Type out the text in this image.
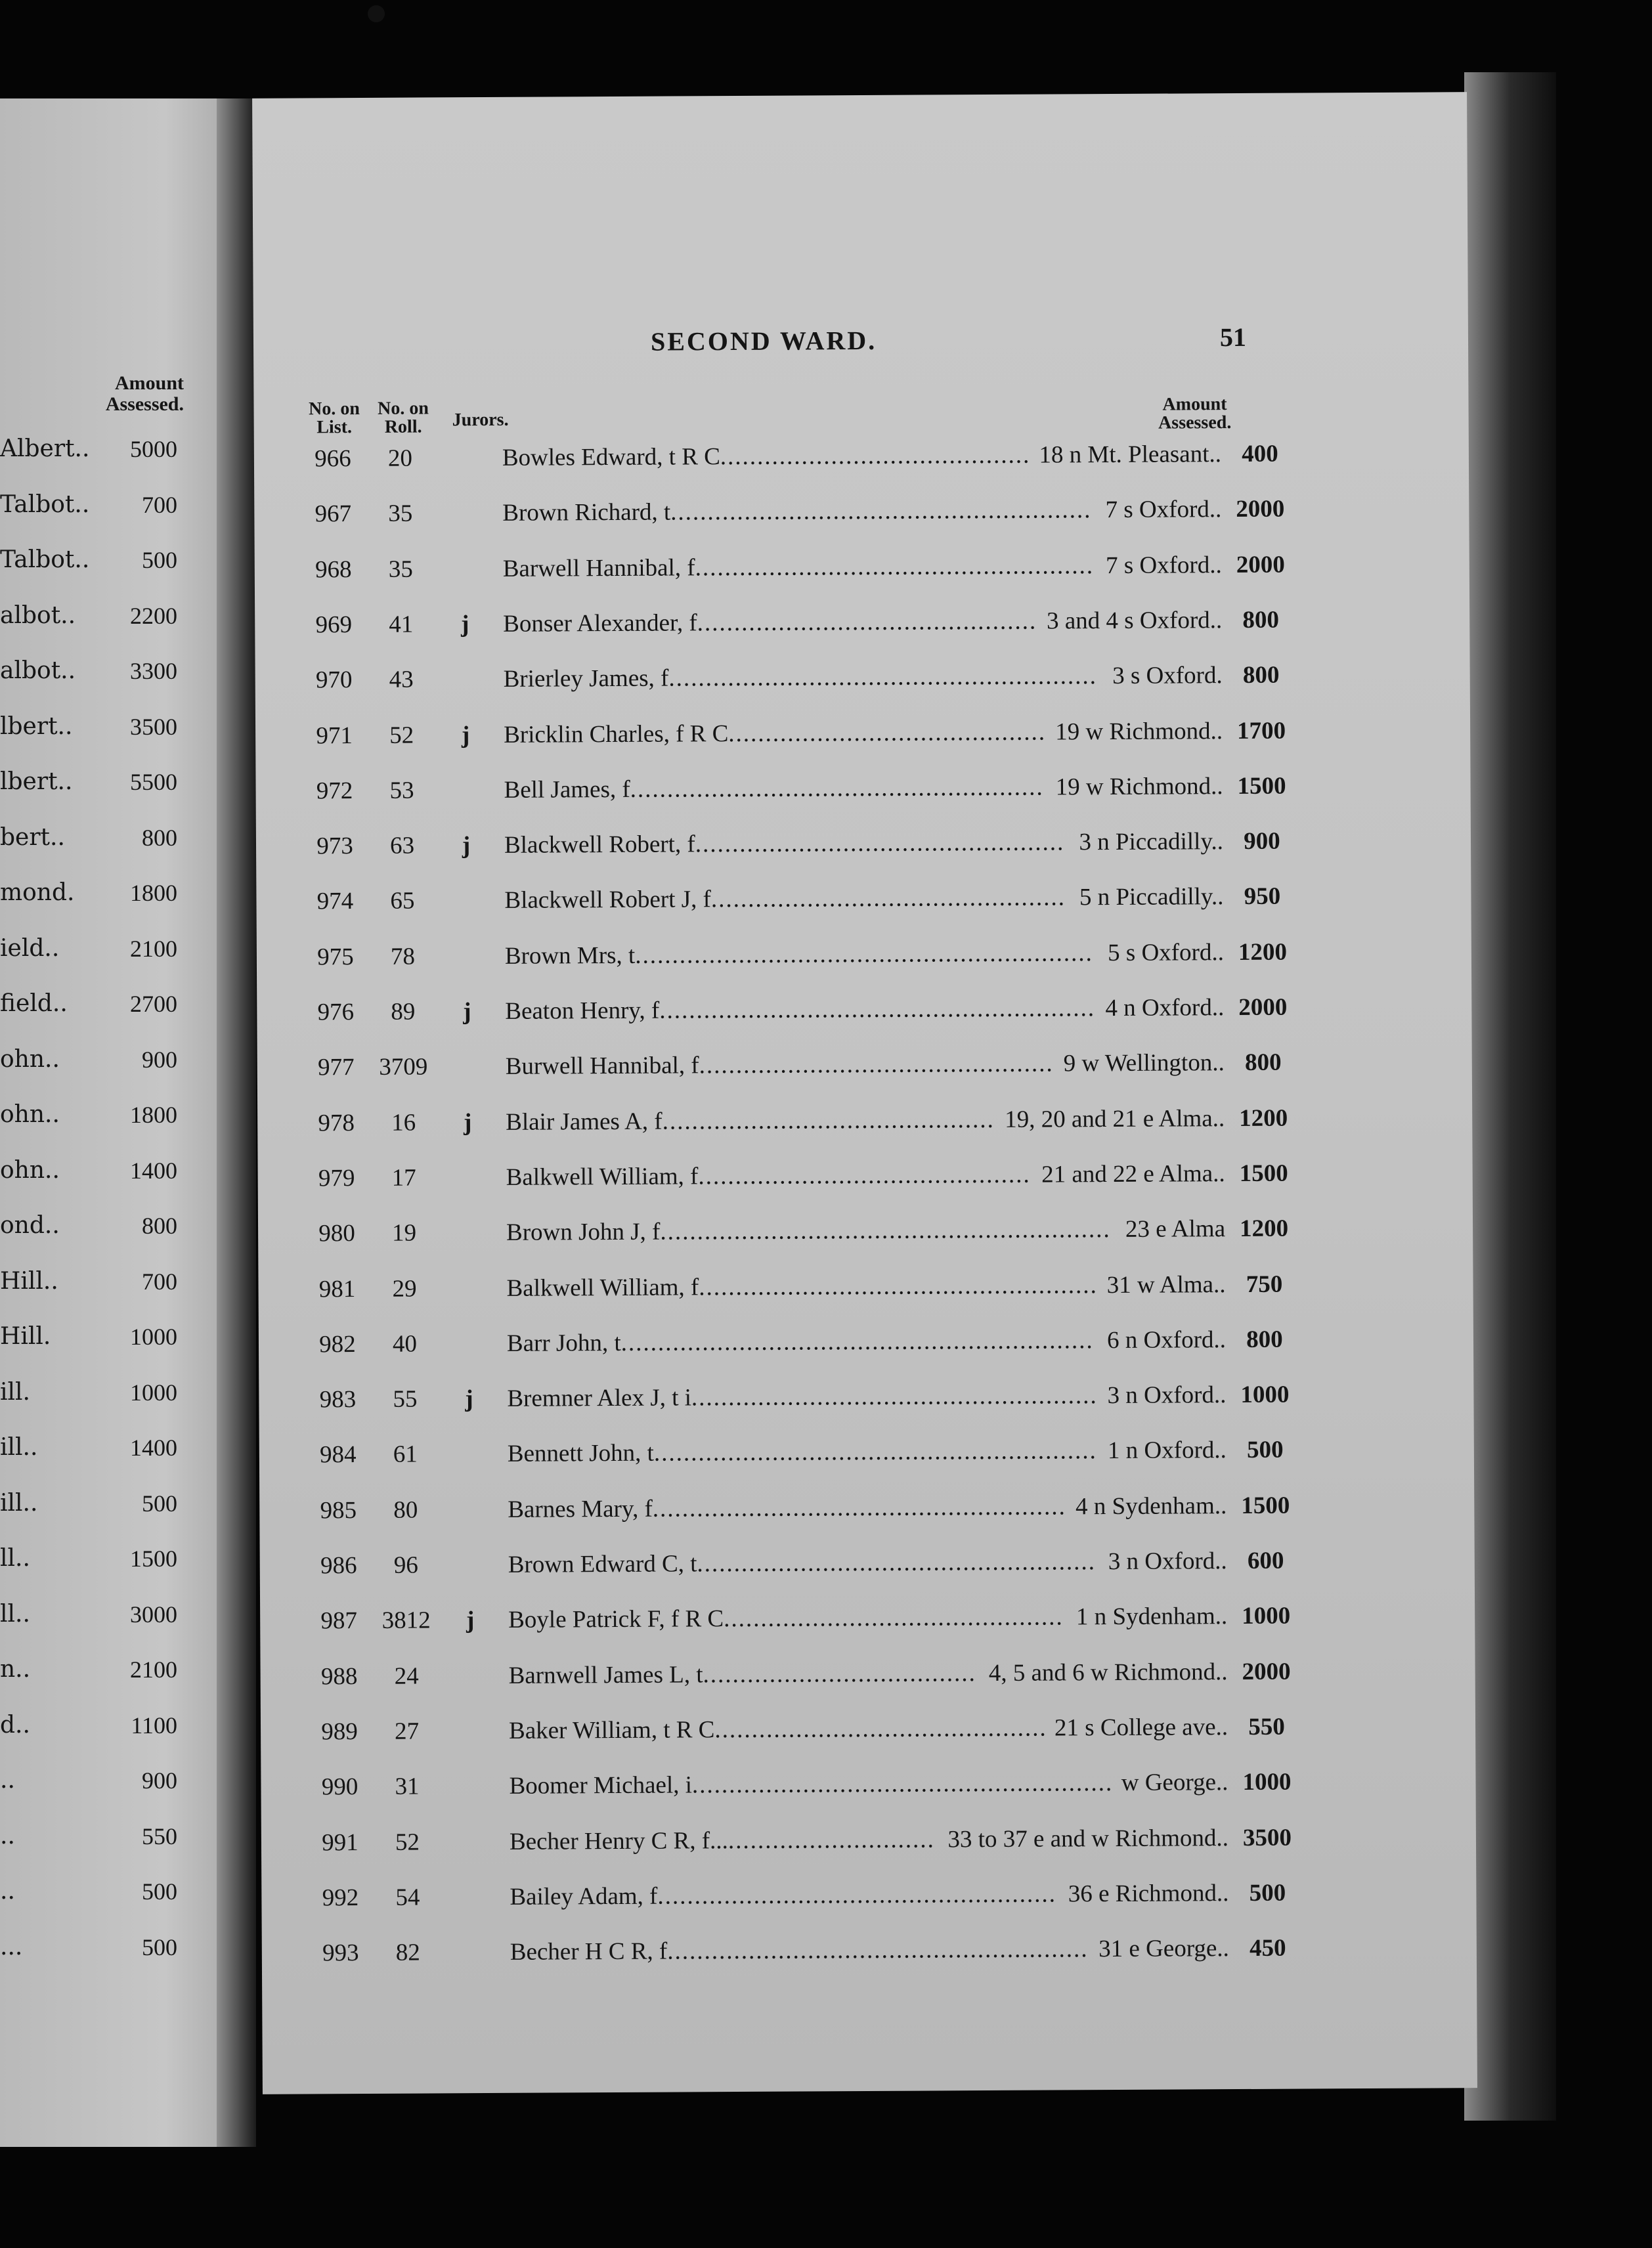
Amount Assessed.
Albert.. 5000
Talbot.. 700
Talbot.. 500
albot.. 2200
albot.. 3300
lbert.. 3500
lbert.. 5500
bert..	800
mond. 1800
ield..	2100
field..	2700
ohn..	900
ohn..	1800
ohn..	1400
ond..	800
Hill..	700
Hill.	1000
ill.	1000
ill..	1400
ill..	500
ll..	1500
ll..	3000
n..	2100
d..	1100
..	900
..	550
..	500
...	500
SECOND WARD.	51
No. on List.
No. on Roll.	Jurors.
Amount Assessed.
966	20	Bowles Edward, t R C.......................................... 18 n Mt. Pleasant.. 400
967	35	Brown Richard, t......................................................... 7 s Oxford.. 2000
968	35	Barwell Hannibal, f...................................................... 7 s Oxford.. 2000
969	41	j Bonser Alexander, f.............................................. 3 and 4 s Oxford.. 800
970	43	Brierley James, f.......................................................... 3 s Oxford. 800
971	52	j Bricklin Charles, f R C........................................... 19 w Richmond.. 1700
972	53	Bell James, f........................................................ 19 w Richmond.. 1500
973	63	j Blackwell Robert, f.................................................. 3 n Piccadilly.. 900
974	65	Blackwell Robert J, f................................................ 5 n Piccadilly.. 950
975	78	Brown Mrs, t.............................................................. 5 s Oxford.. 1200
976	89	j Beaton Henry, f........................................................... 4 n Oxford.. 2000
977	3709	Burwell Hannibal, f................................................ 9 w Wellington.. 800
978	16	j Blair James A, f............................................. 19, 20 and 21 e Alma.. 1200
979	17	Balkwell William, f............................................. 21 and 22 e Alma.. 1500
980	19	Brown John J, f............................................................. 23 e Alma 1200
981	29	Balkwell William, f...................................................... 31 w Alma.. 750
982	40	Barr John, t................................................................ 6 n Oxford.. 800
983	55	j Bremner Alex J, t i....................................................... 3 n Oxford.. 1000
984	61	Bennett John, t............................................................ 1 n Oxford.. 500
985	80	Barnes Mary, f........................................................ 4 n Sydenham.. 1500
986	96	Brown Edward C, t...................................................... 3 n Oxford.. 600
987	3812	j Boyle Patrick F, f R C.............................................. 1 n Sydenham.. 1000
988	24	Barnwell James L, t..................................... 4, 5 and 6 w Richmond.. 2000
989	27	Baker William, t R C............................................. 21 s College ave.. 550
990	31	Boomer Michael, i......................................................... w George.. 1000
991	52	Becher Henry C R, f............................... 33 to 37 e and w Richmond.. 3500
992	54	Bailey Adam, f...................................................... 36 e Richmond.. 500
993	82	Becher H C R, f......................................................... 31 e George.. 450
